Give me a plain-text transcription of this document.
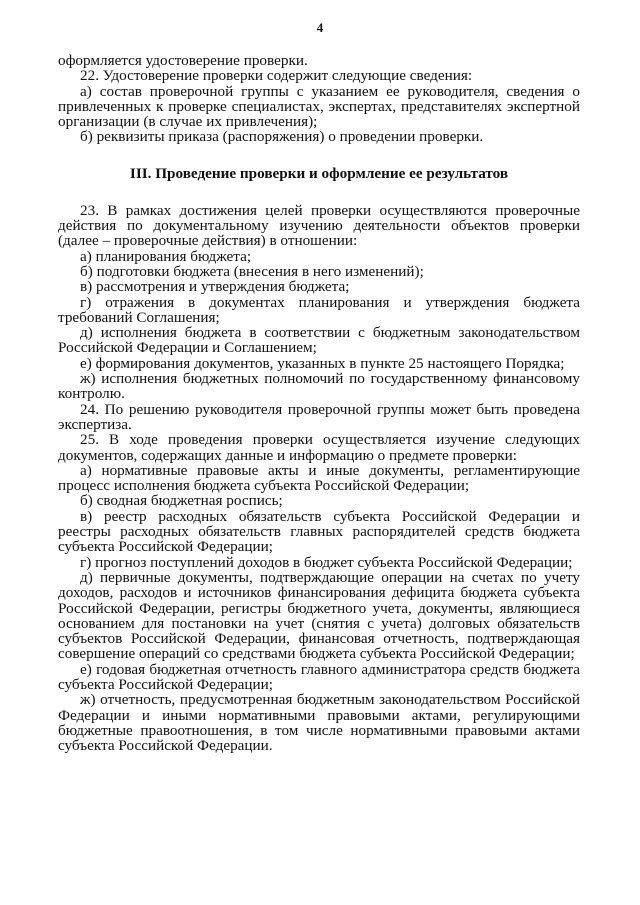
4

оформляется удостоверение проверки.

22. Удостоверение проверки содержит следующие сведения:

а) состав проверочной группы с указанием ее руководителя, сведения о привлеченных к проверке специалистах, экспертах, представителях экспертной организации (в случае их привлечения);

б) реквизиты приказа (распоряжения) о проведении проверки.

III. Проведение проверки и оформление ее результатов

23. В рамках достижения целей проверки осуществляются проверочные действия по документальному изучению деятельности объектов проверки (далее – проверочные действия) в отношении:

а) планирования бюджета;

б) подготовки бюджета (внесения в него изменений);

в) рассмотрения и утверждения бюджета;

г) отражения в документах планирования и утверждения бюджета требований Соглашения;

д) исполнения бюджета в соответствии с бюджетным законодательством Российской Федерации и Соглашением;

е) формирования документов, указанных в пункте 25 настоящего Порядка;

ж) исполнения бюджетных полномочий по государственному финансовому контролю.

24. По решению руководителя проверочной группы может быть проведена экспертиза.

25. В ходе проведения проверки осуществляется изучение следующих документов, содержащих данные и информацию о предмете проверки:

а) нормативные правовые акты и иные документы, регламентирующие процесс исполнения бюджета субъекта Российской Федерации;

б) сводная бюджетная роспись;

в) реестр расходных обязательств субъекта Российской Федерации и реестры расходных обязательств главных распорядителей средств бюджета субъекта Российской Федерации;

г) прогноз поступлений доходов в бюджет субъекта Российской Федерации;

д) первичные документы, подтверждающие операции на счетах по учету доходов, расходов и источников финансирования дефицита бюджета субъекта Российской Федерации, регистры бюджетного учета, документы, являющиеся основанием для постановки на учет (снятия с учета) долговых обязательств субъектов Российской Федерации, финансовая отчетность, подтверждающая совершение операций со средствами бюджета субъекта Российской Федерации;

е) годовая бюджетная отчетность главного администратора средств бюджета субъекта Российской Федерации;

ж) отчетность, предусмотренная бюджетным законодательством Российской Федерации и иными нормативными правовыми актами, регулирующими бюджетные правоотношения, в том числе нормативными правовыми актами субъекта Российской Федерации.
